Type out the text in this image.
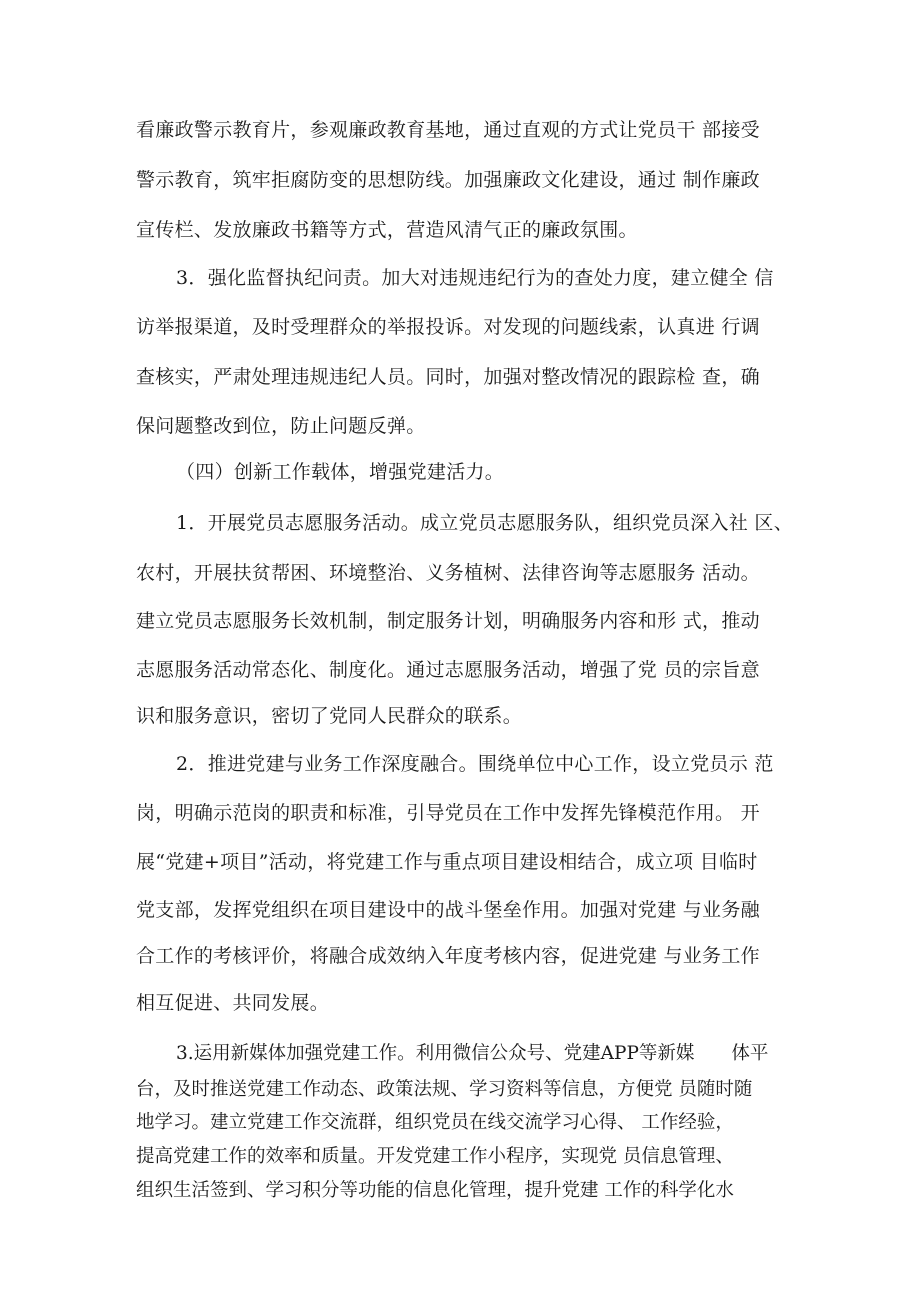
看廉政警示教育片，参观廉政教育基地，通过直观的方式让党员干 部接受

警示教育，筑牢拒腐防变的思想防线。加强廉政文化建设，通过 制作廉政

宣传栏、发放廉政书籍等方式，营造风清气正的廉政氛围。

3．强化监督执纪问责。加大对违规违纪行为的查处力度，建立健全 信

访举报渠道，及时受理群众的举报投诉。对发现的问题线索，认真进 行调

查核实，严肃处理违规违纪人员。同时，加强对整改情况的跟踪检 查，确

保问题整改到位，防止问题反弹。

（四）创新工作载体，增强党建活力。

1．开展党员志愿服务活动。成立党员志愿服务队，组织党员深入社 区、

农村，开展扶贫帮困、环境整治、义务植树、法律咨询等志愿服务 活动。

建立党员志愿服务长效机制，制定服务计划，明确服务内容和形 式，推动

志愿服务活动常态化、制度化。通过志愿服务活动，增强了党 员的宗旨意

识和服务意识，密切了党同人民群众的联系。

2．推进党建与业务工作深度融合。围绕单位中心工作，设立党员示 范

岗，明确示范岗的职责和标准，引导党员在工作中发挥先锋模范作用。 开

展“党建+项目”活动，将党建工作与重点项目建设相结合，成立项 目临时

党支部，发挥党组织在项目建设中的战斗堡垒作用。加强对党建 与业务融

合工作的考核评价，将融合成效纳入年度考核内容，促进党建 与业务工作

相互促进、共同发展。

3.运用新媒体加强党建工作。利用微信公众号、党建APP等新媒　　体平

台，及时推送党建工作动态、政策法规、学习资料等信息，方便党 员随时随

地学习。建立党建工作交流群，组织党员在线交流学习心得、 工作经验，

提高党建工作的效率和质量。开发党建工作小程序，实现党 员信息管理、

组织生活签到、学习积分等功能的信息化管理，提升党建 工作的科学化水
